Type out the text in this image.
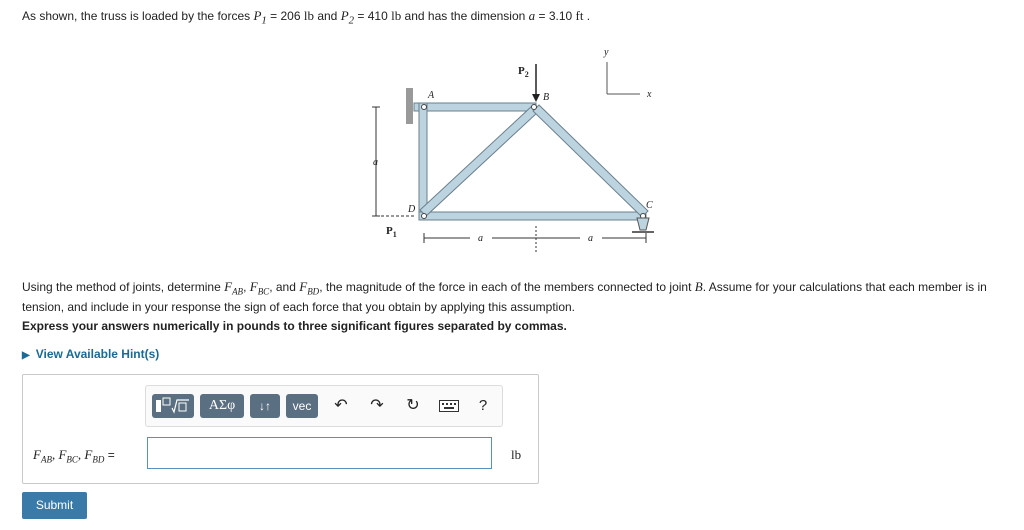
As shown, the truss is loaded by the forces $P_1 = 206$ lb and $P_2 = 410$ lb and has the dimension a = 3.10 ft .
A	B
C
D
a
a	a
x
y
$P_2$
$P_1$
Using the method of joints, determine $F_{AB}$, $F_{BC}$, and $F_{BD}$, the magnitude of the force in each of the members connected to joint B. Assume for your calculations that each member is in tension, and include in your response the sign of each force that you obtain by applying this assumption.
Express your answers numerically in pounds to three significant figures separated by commas.
▶ View Available Hint(s)
ΑΣφ	↓↑	vec	↶ ↷ ↻	?
$F_{AB}$, $F_{BC}$, $F_{BD}$ =	lb
Submit
